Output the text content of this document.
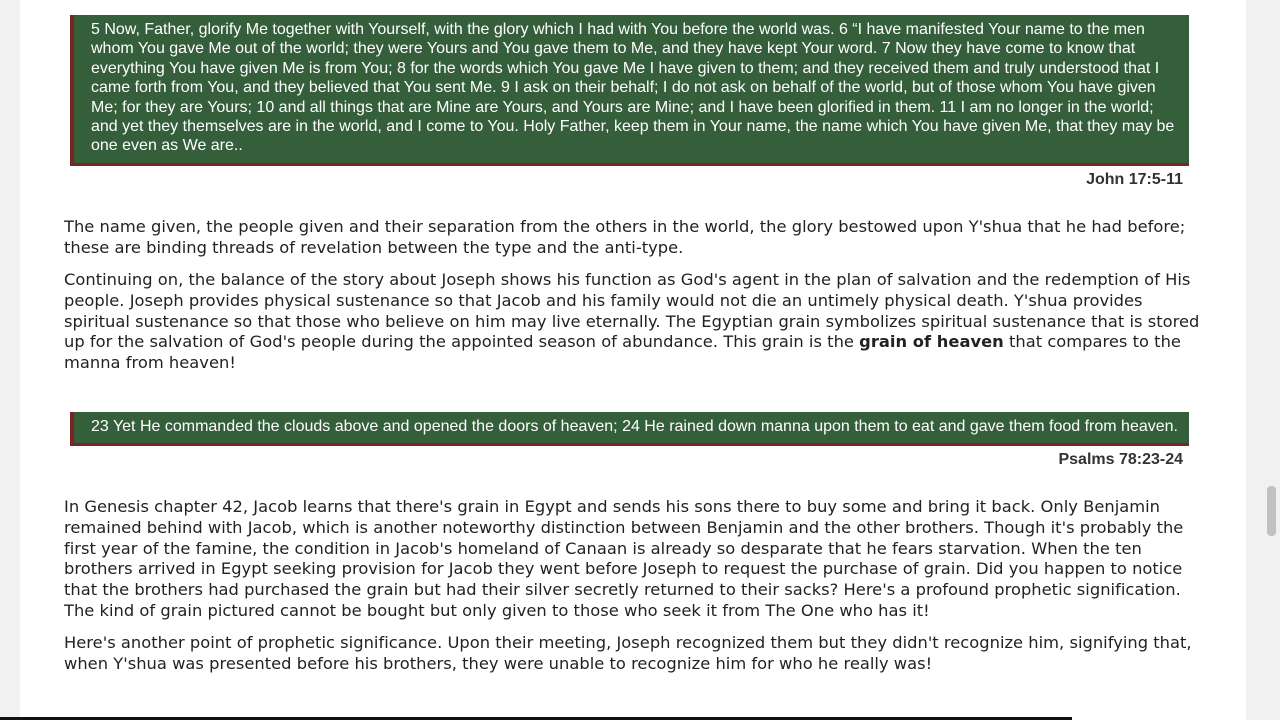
5 Now, Father, glorify Me together with Yourself, with the glory which I had with You before the world was. 6 “I have manifested Your name to the men whom You gave Me out of the world; they were Yours and You gave them to Me, and they have kept Your word. 7 Now they have come to know that everything You have given Me is from You; 8 for the words which You gave Me I have given to them; and they received them and truly understood that I came forth from You, and they believed that You sent Me. 9 I ask on their behalf; I do not ask on behalf of the world, but of those whom You have given Me; for they are Yours; 10 and all things that are Mine are Yours, and Yours are Mine; and I have been glorified in them. 11 I am no longer in the world; and yet they themselves are in the world, and I come to You. Holy Father, keep them in Your name, the name which You have given Me, that they may be one even as We are..
John 17:5-11

The name given, the people given and their separation from the others in the world, the glory bestowed upon Y'shua that he had before; these are binding threads of revelation between the type and the anti-type.

Continuing on, the balance of the story about Joseph shows his function as God's agent in the plan of salvation and the redemption of His people. Joseph provides physical sustenance so that Jacob and his family would not die an untimely physical death. Y'shua provides spiritual sustenance so that those who believe on him may live eternally. The Egyptian grain symbolizes spiritual sustenance that is stored up for the salvation of God's people during the appointed season of abundance. This grain is the grain of heaven that compares to the manna from heaven!

23 Yet He commanded the clouds above and opened the doors of heaven; 24 He rained down manna upon them to eat and gave them food from heaven.
Psalms 78:23-24

In Genesis chapter 42, Jacob learns that there's grain in Egypt and sends his sons there to buy some and bring it back. Only Benjamin remained behind with Jacob, which is another noteworthy distinction between Benjamin and the other brothers. Though it's probably the first year of the famine, the condition in Jacob's homeland of Canaan is already so desparate that he fears starvation. When the ten brothers arrived in Egypt seeking provision for Jacob they went before Joseph to request the purchase of grain. Did you happen to notice that the brothers had purchased the grain but had their silver secretly returned to their sacks? Here's a profound prophetic signification. The kind of grain pictured cannot be bought but only given to those who seek it from The One who has it!

Here's another point of prophetic significance. Upon their meeting, Joseph recognized them but they didn't recognize him, signifying that, when Y'shua was presented before his brothers, they were unable to recognize him for who he really was!
